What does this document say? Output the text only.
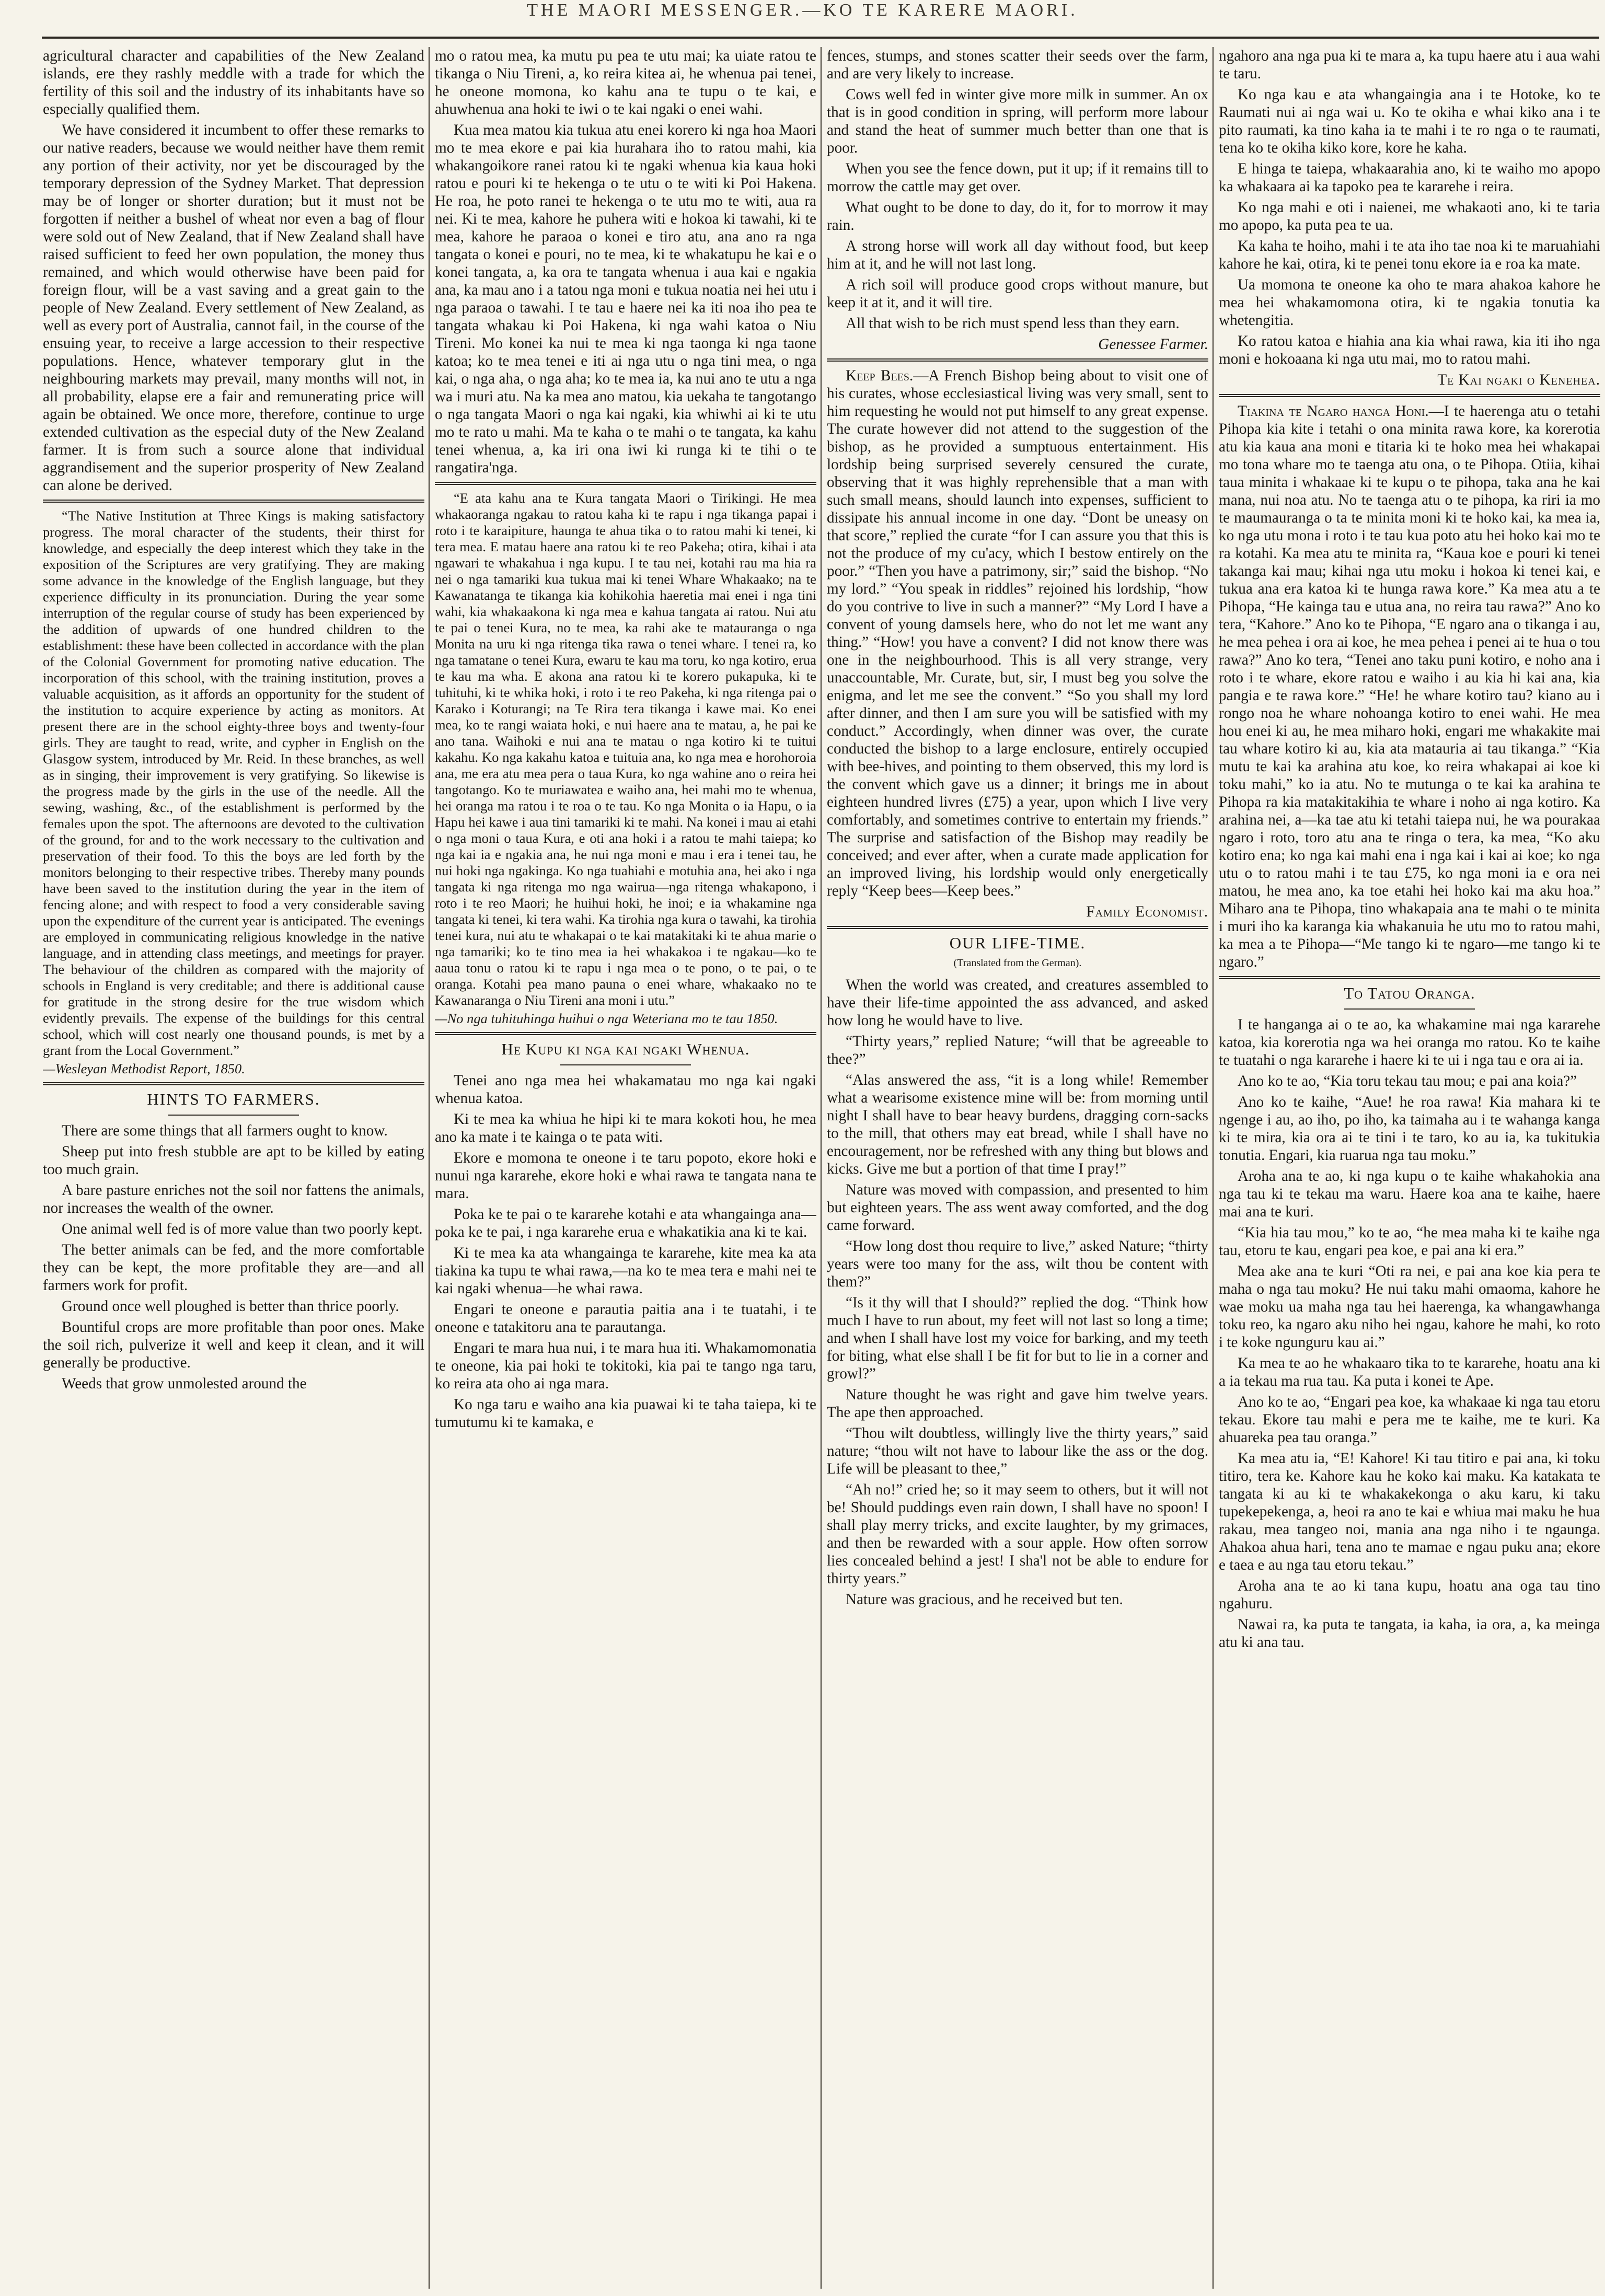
THE MAORI MESSENGER.—KO TE KARERE MAORI.

agricultural character and capabilities of the New Zealand islands, ere they rashly meddle with a trade for which the fertility of this soil and the industry of its inhabitants have so especially qualified them.

We have considered it incumbent to offer these remarks to our native readers, because we would neither have them remit any portion of their activity, nor yet be discouraged by the temporary depression of the Sydney Market. That depression may be of longer or shorter duration; but it must not be forgotten if neither a bushel of wheat nor even a bag of flour were sold out of New Zealand, that if New Zealand shall have raised sufficient to feed her own population, the money thus remained, and which would otherwise have been paid for foreign flour, will be a vast saving and a great gain to the people of New Zealand. Every settlement of New Zealand, as well as every port of Australia, cannot fail, in the course of the ensuing year, to receive a large accession to their respective populations. Hence, whatever temporary glut in the neighbouring markets may prevail, many months will not, in all probability, elapse ere a fair and remunerating price will again be obtained. We once more, therefore, continue to urge extended cultivation as the especial duty of the New Zealand farmer. It is from such a source alone that individual aggrandisement and the superior prosperity of New Zealand can alone be derived.

“The Native Institution at Three Kings is making satisfactory progress. The moral character of the students, their thirst for knowledge, and especially the deep interest which they take in the exposition of the Scriptures are very gratifying. They are making some advance in the knowledge of the English language, but they experience difficulty in its pronunciation. During the year some interruption of the regular course of study has been experienced by the addition of upwards of one hundred children to the establishment: these have been collected in accordance with the plan of the Colonial Government for promoting native education. The incorporation of this school, with the training institution, proves a valuable acquisition, as it affords an opportunity for the student of the institution to acquire experience by acting as monitors. At present there are in the school eighty-three boys and twenty-four girls. They are taught to read, write, and cypher in English on the Glasgow system, introduced by Mr. Reid. In these branches, as well as in singing, their improvement is very gratifying. So likewise is the progress made by the girls in the use of the needle. All the sewing, washing, &c., of the establishment is performed by the females upon the spot. The afternoons are devoted to the cultivation of the ground, for and to the work necessary to the cultivation and preservation of their food. To this the boys are led forth by the monitors belonging to their respective tribes. Thereby many pounds have been saved to the institution during the year in the item of fencing alone; and with respect to food a very considerable saving upon the expenditure of the current year is anticipated. The evenings are employed in communicating religious knowledge in the native language, and in attending class meetings, and meetings for prayer. The behaviour of the children as compared with the majority of schools in England is very creditable; and there is additional cause for gratitude in the strong desire for the true wisdom which evidently prevails. The expense of the buildings for this central school, which will cost nearly one thousand pounds, is met by a grant from the Local Government.”

—Wesleyan Methodist Report, 1850.
HINTS TO FARMERS.

There are some things that all farmers ought to know.

Sheep put into fresh stubble are apt to be killed by eating too much grain.

A bare pasture enriches not the soil nor fattens the animals, nor increases the wealth of the owner.

One animal well fed is of more value than two poorly kept.

The better animals can be fed, and the more comfortable they can be kept, the more profitable they are—and all farmers work for profit.

Ground once well ploughed is better than thrice poorly.

Bountiful crops are more profitable than poor ones. Make the soil rich, pulverize it well and keep it clean, and it will generally be productive.

Weeds that grow unmolested around the

mo o ratou mea, ka mutu pu pea te utu mai; ka uiate ratou te tikanga o Niu Tireni, a, ko reira kitea ai, he whenua pai tenei, he oneone momona, ko kahu ana te tupu o te kai, e ahuwhenua ana hoki te iwi o te kai ngaki o enei wahi.

Kua mea matou kia tukua atu enei korero ki nga hoa Maori mo te mea ekore e pai kia hurahara iho to ratou mahi, kia whakangoikore ranei ratou ki te ngaki whenua kia kaua hoki ratou e pouri ki te hekenga o te utu o te witi ki Poi Hakena. He roa, he poto ranei te hekenga o te utu mo te witi, aua ra nei. Ki te mea, kahore he puhera witi e hokoa ki tawahi, ki te mea, kahore he paraoa o konei e tiro atu, ana ano ra nga tangata o konei e pouri, no te mea, ki te whakatupu he kai e o konei tangata, a, ka ora te tangata whenua i aua kai e ngakia ana, ka mau ano i a tatou nga moni e tukua noatia nei hei utu i nga paraoa o tawahi. I te tau e haere nei ka iti noa iho pea te tangata whakau ki Poi Hakena, ki nga wahi katoa o Niu Tireni. Mo konei ka nui te mea ki nga taonga ki nga taone katoa; ko te mea tenei e iti ai nga utu o nga tini mea, o nga kai, o nga aha, o nga aha; ko te mea ia, ka nui ano te utu a nga wa i muri atu. Na ka mea ano matou, kia uekaha te tangotango o nga tangata Maori o nga kai ngaki, kia whiwhi ai ki te utu mo te rato u mahi. Ma te kaha o te mahi o te tangata, ka kahu tenei whenua, a, ka iri ona iwi ki runga ki te tihi o te rangatira'nga.

“E ata kahu ana te Kura tangata Maori o Tirikingi. He mea whakaoranga ngakau to ratou kaha ki te rapu i nga tikanga papai i roto i te karaipiture, haunga te ahua tika o to ratou mahi ki tenei, ki tera mea. E matau haere ana ratou ki te reo Pakeha; otira, kihai i ata ngawari te whakahua i nga kupu. I te tau nei, kotahi rau ma hia ra nei o nga tamariki kua tukua mai ki tenei Whare Whakaako; na te Kawanatanga te tikanga kia kohikohia haeretia mai enei i nga tini wahi, kia whakaakona ki nga mea e kahua tangata ai ratou. Nui atu te pai o tenei Kura, no te mea, ka rahi ake te matauranga o nga Monita na uru ki nga ritenga tika rawa o tenei whare. I tenei ra, ko nga tamatane o tenei Kura, ewaru te kau ma toru, ko nga kotiro, erua te kau ma wha. E akona ana ratou ki te korero pukapuka, ki te tuhituhi, ki te whika hoki, i roto i te reo Pakeha, ki nga ritenga pai o Karako i Koturangi; na Te Rira tera tikanga i kawe mai. Ko enei mea, ko te rangi waiata hoki, e nui haere ana te matau, a, he pai ke ano tana. Waihoki e nui ana te matau o nga kotiro ki te tuitui kakahu. Ko nga kakahu katoa e tuituia ana, ko nga mea e horohoroia ana, me era atu mea pera o taua Kura, ko nga wahine ano o reira hei tangotango. Ko te muriawatea e waiho ana, hei mahi mo te whenua, hei oranga ma ratou i te roa o te tau. Ko nga Monita o ia Hapu, o ia Hapu hei kawe i aua tini tamariki ki te mahi. Na konei i mau ai etahi o nga moni o taua Kura, e oti ana hoki i a ratou te mahi taiepa; ko nga kai ia e ngakia ana, he nui nga moni e mau i era i tenei tau, he nui hoki nga ngakinga. Ko nga tuahiahi e motuhia ana, hei ako i nga tangata ki nga ritenga mo nga wairua—nga ritenga whakapono, i roto i te reo Maori; he huihui hoki, he inoi; e ia whakamine nga tangata ki tenei, ki tera wahi. Ka tirohia nga kura o tawahi, ka tirohia tenei kura, nui atu te whakapai o te kai matakitaki ki te ahua marie o nga tamariki; ko te tino mea ia hei whakakoa i te ngakau—ko te aaua tonu o ratou ki te rapu i nga mea o te pono, o te pai, o te oranga. Kotahi pea mano pauna o enei whare, whakaako no te Kawanaranga o Niu Tireni ana moni i utu.”

—No nga tuhituhinga huihui o nga Weteriana mo te tau 1850.
He Kupu ki nga kai ngaki Whenua.

Tenei ano nga mea hei whakamatau mo nga kai ngaki whenua katoa.

Ki te mea ka whiua he hipi ki te mara kokoti hou, he mea ano ka mate i te kainga o te pata witi.

Ekore e momona te oneone i te taru popoto, ekore hoki e nunui nga kararehe, ekore hoki e whai rawa te tangata nana te mara.

Poka ke te pai o te kararehe kotahi e ata whangainga ana—poka ke te pai, i nga kararehe erua e whakatikia ana ki te kai.

Ki te mea ka ata whangainga te kararehe, kite mea ka ata tiakina ka tupu te whai rawa,—na ko te mea tera e mahi nei te kai ngaki whenua—he whai rawa.

Engari te oneone e parautia paitia ana i te tuatahi, i te oneone e tatakitoru ana te parautanga.

Engari te mara hua nui, i te mara hua iti. Whakamomonatia te oneone, kia pai hoki te tokitoki, kia pai te tango nga taru, ko reira ata oho ai nga mara.

Ko nga taru e waiho ana kia puawai ki te taha taiepa, ki te tumutumu ki te kamaka, e

fences, stumps, and stones scatter their seeds over the farm, and are very likely to increase.

Cows well fed in winter give more milk in summer. An ox that is in good condition in spring, will perform more labour and stand the heat of summer much better than one that is poor.

When you see the fence down, put it up; if it remains till to morrow the cattle may get over.

What ought to be done to day, do it, for to morrow it may rain.

A strong horse will work all day without food, but keep him at it, and he will not last long.

A rich soil will produce good crops without manure, but keep it at it, and it will tire.

All that wish to be rich must spend less than they earn.

Genessee Farmer.

Keep Bees.—A French Bishop being about to visit one of his curates, whose ecclesiastical living was very small, sent to him requesting he would not put himself to any great expense. The curate however did not attend to the suggestion of the bishop, as he provided a sumptuous entertainment. His lordship being surprised severely censured the curate, observing that it was highly reprehensible that a man with such small means, should launch into expenses, sufficient to dissipate his annual income in one day. “Dont be uneasy on that score,” replied the curate “for I can assure you that this is not the produce of my cu'acy, which I bestow entirely on the poor.” “Then you have a patrimony, sir;” said the bishop. “No my lord.” “You speak in riddles” rejoined his lordship, “how do you contrive to live in such a manner?” “My Lord I have a convent of young damsels here, who do not let me want any thing.” “How! you have a convent? I did not know there was one in the neighbourhood. This is all very strange, very unaccountable, Mr. Curate, but, sir, I must beg you solve the enigma, and let me see the convent.” “So you shall my lord after dinner, and then I am sure you will be satisfied with my conduct.” Accordingly, when dinner was over, the curate conducted the bishop to a large enclosure, entirely occupied with bee-hives, and pointing to them observed, this my lord is the convent which gave us a dinner; it brings me in about eighteen hundred livres (£75) a year, upon which I live very comfortably, and sometimes contrive to entertain my friends.” The surprise and satisfaction of the Bishop may readily be conceived; and ever after, when a curate made application for an improved living, his lordship would only energetically reply “Keep bees—Keep bees.”

Family Economist.
OUR LIFE-TIME.
(Translated from the German).

When the world was created, and creatures assembled to have their life-time appointed the ass advanced, and asked how long he would have to live.

“Thirty years,” replied Nature; “will that be agreeable to thee?”

“Alas answered the ass, “it is a long while! Remember what a wearisome existence mine will be: from morning until night I shall have to bear heavy burdens, dragging corn-sacks to the mill, that others may eat bread, while I shall have no encouragement, nor be refreshed with any thing but blows and kicks. Give me but a portion of that time I pray!”

Nature was moved with compassion, and presented to him but eighteen years. The ass went away comforted, and the dog came forward.

“How long dost thou require to live,” asked Nature; “thirty years were too many for the ass, wilt thou be content with them?”

“Is it thy will that I should?” replied the dog. “Think how much I have to run about, my feet will not last so long a time; and when I shall have lost my voice for barking, and my teeth for biting, what else shall I be fit for but to lie in a corner and growl?”

Nature thought he was right and gave him twelve years. The ape then approached.

“Thou wilt doubtless, willingly live the thirty years,” said nature; “thou wilt not have to labour like the ass or the dog. Life will be pleasant to thee,”

“Ah no!” cried he; so it may seem to others, but it will not be! Should puddings even rain down, I shall have no spoon! I shall play merry tricks, and excite laughter, by my grimaces, and then be rewarded with a sour apple. How often sorrow lies concealed behind a jest! I sha'l not be able to endure for thirty years.”

Nature was gracious, and he received but ten.

ngahoro ana nga pua ki te mara a, ka tupu haere atu i aua wahi te taru.

Ko nga kau e ata whangaingia ana i te Hotoke, ko te Raumati nui ai nga wai u. Ko te okiha e whai kiko ana i te pito raumati, ka tino kaha ia te mahi i te ro nga o te raumati, tena ko te okiha kiko kore, kore he kaha.

E hinga te taiepa, whakaarahia ano, ki te waiho mo apopo ka whakaara ai ka tapoko pea te kararehe i reira.

Ko nga mahi e oti i naienei, me whakaoti ano, ki te taria mo apopo, ka puta pea te ua.

Ka kaha te hoiho, mahi i te ata iho tae noa ki te maruahiahi kahore he kai, otira, ki te penei tonu ekore ia e roa ka mate.

Ua momona te oneone ka oho te mara ahakoa kahore he mea hei whakamomona otira, ki te ngakia tonutia ka whetengitia.

Ko ratou katoa e hiahia ana kia whai rawa, kia iti iho nga moni e hokoaana ki nga utu mai, mo to ratou mahi.

Te Kai ngaki o Kenehea.

Tiakina te Ngaro hanga Honi.—I te haerenga atu o tetahi Pihopa kia kite i tetahi o ona minita rawa kore, ka korerotia atu kia kaua ana moni e titaria ki te hoko mea hei whakapai mo tona whare mo te taenga atu ona, o te Pihopa. Otiia, kihai taua minita i whakaae ki te kupu o te pihopa, taka ana he kai mana, nui noa atu. No te taenga atu o te pihopa, ka riri ia mo te maumauranga o ta te minita moni ki te hoko kai, ka mea ia, ko nga utu mona i roto i te tau kua poto atu hei hoko kai mo te ra kotahi. Ka mea atu te minita ra, “Kaua koe e pouri ki tenei takanga kai mau; kihai nga utu moku i hokoa ki tenei kai, e tukua ana era katoa ki te hunga rawa kore.” Ka mea atu a te Pihopa, “He kainga tau e utua ana, no reira tau rawa?” Ano ko tera, “Kahore.” Ano ko te Pihopa, “E ngaro ana o tikanga i au, he mea pehea i ora ai koe, he mea pehea i penei ai te hua o tou rawa?” Ano ko tera, “Tenei ano taku puni kotiro, e noho ana i roto i te whare, ekore ratou e waiho i au kia hi kai ana, kia pangia e te rawa kore.” “He! he whare kotiro tau? kiano au i rongo noa he whare nohoanga kotiro to enei wahi. He mea hou enei ki au, he mea miharo hoki, engari me whakakite mai tau whare kotiro ki au, kia ata matauria ai tau tikanga.” “Kia mutu te kai ka arahina atu koe, ko reira whakapai ai koe ki toku mahi,” ko ia atu. No te mutunga o te kai ka arahina te Pihopa ra kia matakitakihia te whare i noho ai nga kotiro. Ka arahina nei, a—ka tae atu ki tetahi taiepa nui, he wa pourakaa ngaro i roto, toro atu ana te ringa o tera, ka mea, “Ko aku kotiro ena; ko nga kai mahi ena i nga kai i kai ai koe; ko nga utu o to ratou mahi i te tau £75, ko nga moni ia e ora nei matou, he mea ano, ka toe etahi hei hoko kai ma aku hoa.” Miharo ana te Pihopa, tino whakapaia ana te mahi o te minita i muri iho ka karanga kia whakanuia he utu mo to ratou mahi, ka mea a te Pihopa—“Me tango ki te ngaro—me tango ki te ngaro.”

To Tatou Oranga.

I te hanganga ai o te ao, ka whakamine mai nga kararehe katoa, kia korerotia nga wa hei oranga mo ratou. Ko te kaihe te tuatahi o nga kararehe i haere ki te ui i nga tau e ora ai ia.

Ano ko te ao, “Kia toru tekau tau mou; e pai ana koia?”

Ano ko te kaihe, “Aue! he roa rawa! Kia mahara ki te ngenge i au, ao iho, po iho, ka taimaha au i te wahanga kanga ki te mira, kia ora ai te tini i te taro, ko au ia, ka tukitukia tonutia. Engari, kia ruarua nga tau moku.”

Aroha ana te ao, ki nga kupu o te kaihe whakahokia ana nga tau ki te tekau ma waru. Haere koa ana te kaihe, haere mai ana te kuri.

“Kia hia tau mou,” ko te ao, “he mea maha ki te kaihe nga tau, etoru te kau, engari pea koe, e pai ana ki era.”

Mea ake ana te kuri “Oti ra nei, e pai ana koe kia pera te maha o nga tau moku? He nui taku mahi omaoma, kahore he wae moku ua maha nga tau hei haerenga, ka whangawhanga toku reo, ka ngaro aku niho hei ngau, kahore he mahi, ko roto i te koke ngunguru kau ai.”

Ka mea te ao he whakaaro tika to te kararehe, hoatu ana ki a ia tekau ma rua tau. Ka puta i konei te Ape.

Ano ko te ao, “Engari pea koe, ka whakaae ki nga tau etoru tekau. Ekore tau mahi e pera me te kaihe, me te kuri. Ka ahuareka pea tau oranga.”

Ka mea atu ia, “E! Kahore! Ki tau titiro e pai ana, ki toku titiro, tera ke. Kahore kau he koko kai maku. Ka katakata te tangata ki au ki te whakakekonga o aku karu, ki taku tupekepekenga, a, heoi ra ano te kai e whiua mai maku he hua rakau, mea tangeo noi, mania ana nga niho i te ngaunga. Ahakoa ahua hari, tena ano te mamae e ngau puku ana; ekore e taea e au nga tau etoru tekau.”

Aroha ana te ao ki tana kupu, hoatu ana oga tau tino ngahuru.

Nawai ra, ka puta te tangata, ia kaha, ia ora, a, ka meinga atu ki ana tau.
